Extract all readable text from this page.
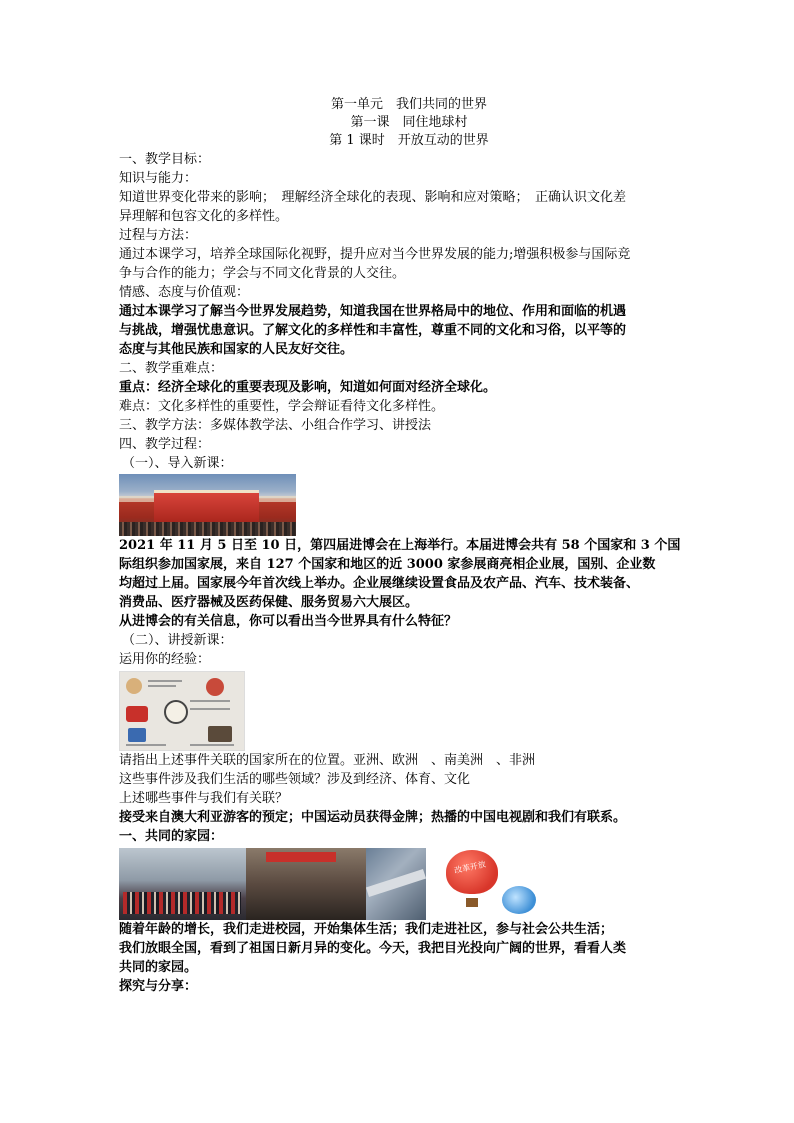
第一单元　我们共同的世界
第一课　同住地球村
第 1 课时　开放互动的世界
一、教学目标：
知识与能力：
知道世界变化带来的影响；　理解经济全球化的表现、影响和应对策略；　正确认识文化差
异理解和包容文化的多样性。
过程与方法：
通过本课学习，培养全球国际化视野，提升应对当今世界发展的能力;增强积极参与国际竞
争与合作的能力；学会与不同文化背景的人交往。
情感、态度与价值观：
通过本课学习了解当今世界发展趋势，知道我国在世界格局中的地位、作用和面临的机遇
与挑战，增强忧患意识。了解文化的多样性和丰富性，尊重不同的文化和习俗，以平等的
态度与其他民族和国家的人民友好交往。
二、教学重难点：
重点：经济全球化的重要表现及影响，知道如何面对经济全球化。
难点：文化多样性的重要性，学会辩证看待文化多样性。
三、教学方法：多媒体教学法、小组合作学习、讲授法
四、教学过程：
（一）、导入新课：
2021 年 11 月 5 日至 10 日，第四届进博会在上海举行。本届进博会共有 58 个国家和 3 个国
际组织参加国家展，来自 127 个国家和地区的近 3000 家参展商亮相企业展，国别、企业数
均超过上届。国家展今年首次线上举办。企业展继续设置食品及农产品、汽车、技术装备、
消费品、医疗器械及医药保健、服务贸易六大展区。
从进博会的有关信息，你可以看出当今世界具有什么特征？
（二）、讲授新课：
运用你的经验：
请指出上述事件关联的国家所在的位置。亚洲、欧洲　、南美洲　、非洲
这些事件涉及我们生活的哪些领域？涉及到经济、体育、文化
上述哪些事件与我们有关联？
接受来自澳大利亚游客的预定；中国运动员获得金牌；热播的中国电视剧和我们有联系。
一、共同的家园：
改革开放
随着年龄的增长，我们走进校园，开始集体生活；我们走进社区，参与社会公共生活；
我们放眼全国，看到了祖国日新月异的变化。今天，我把目光投向广阔的世界，看看人类
共同的家园。
探究与分享：
